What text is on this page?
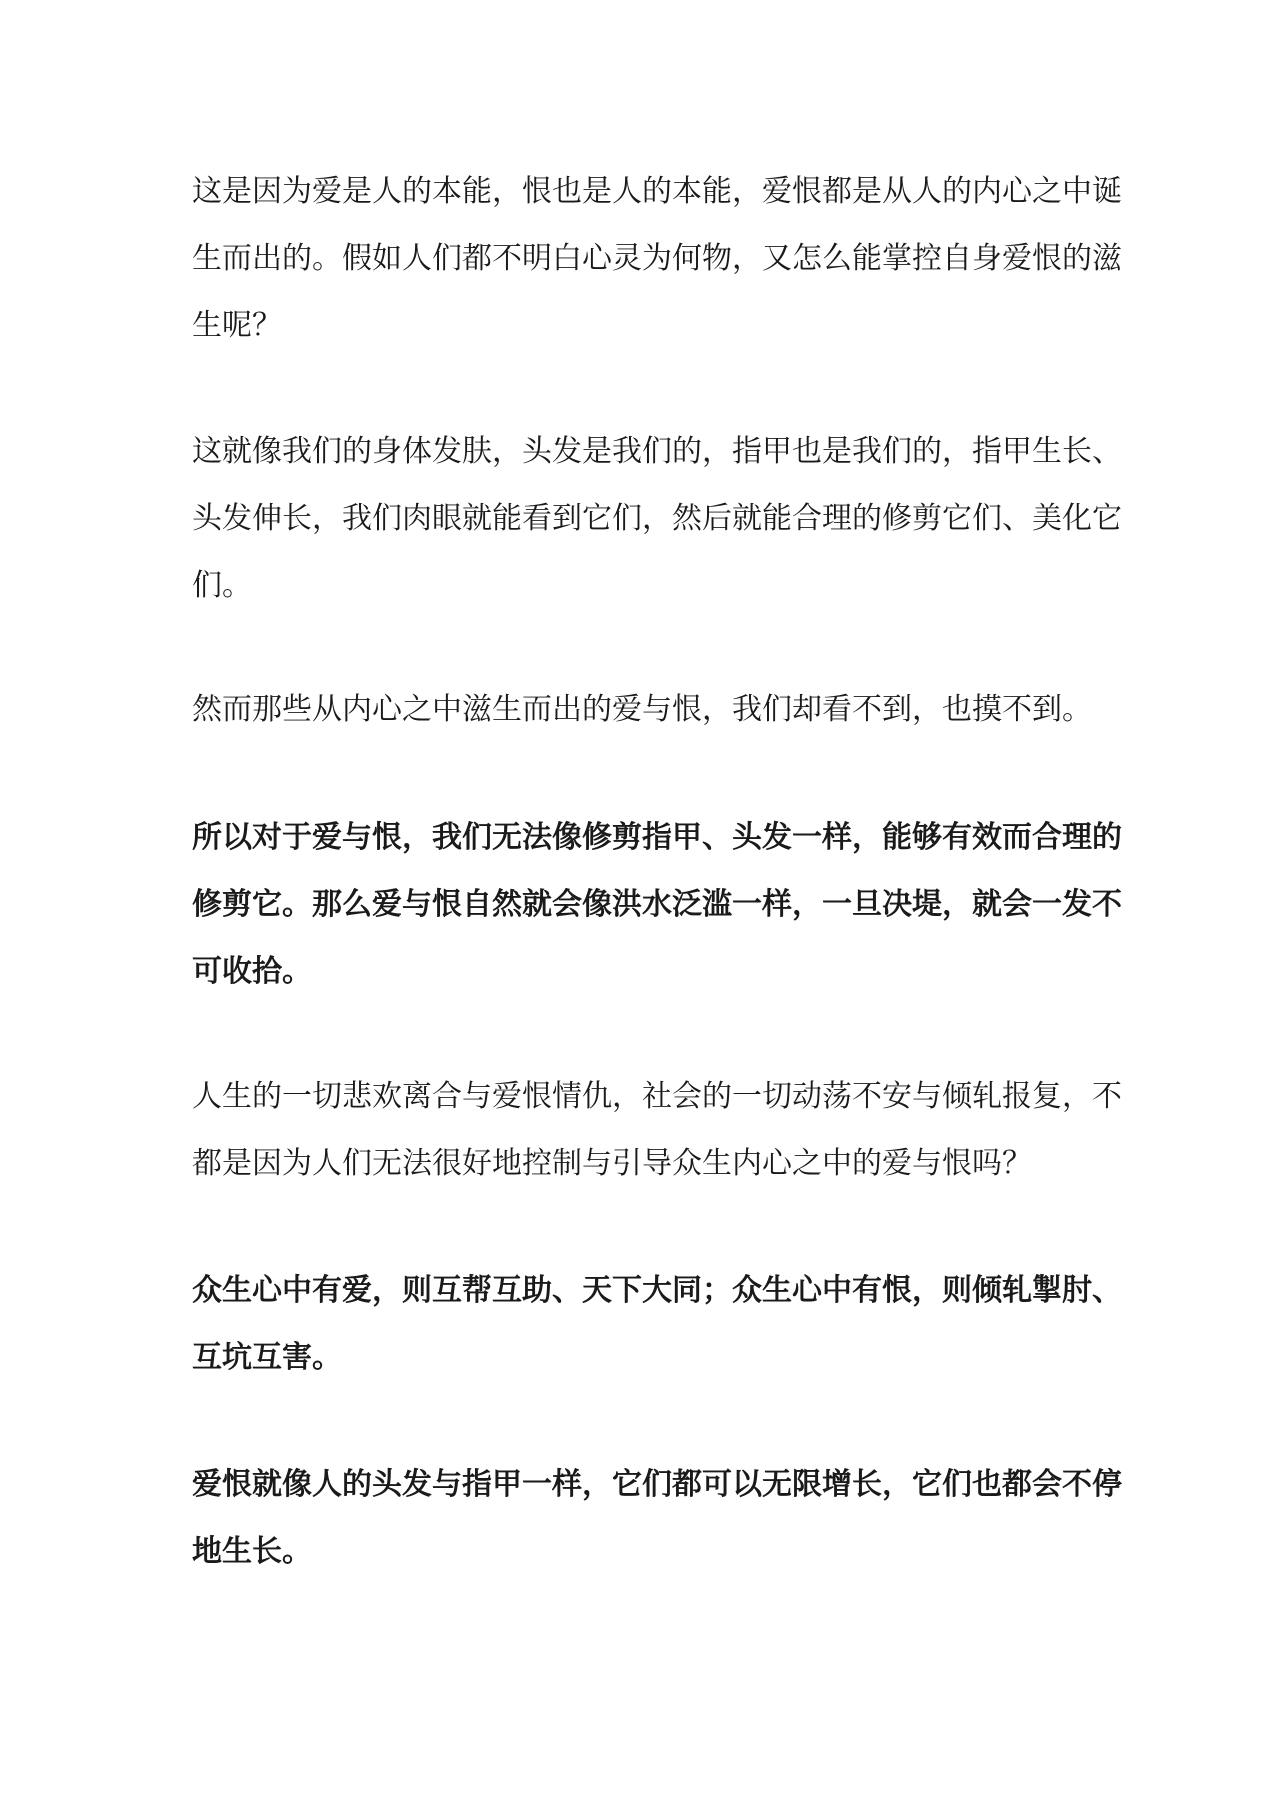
这是因为爱是人的本能，恨也是人的本能，爱恨都是从人的内心之中诞
生而出的。假如人们都不明白心灵为何物，又怎么能掌控自身爱恨的滋
生呢？

这就像我们的身体发肤，头发是我们的，指甲也是我们的，指甲生长、
头发伸长，我们肉眼就能看到它们，然后就能合理的修剪它们、美化它
们。

然而那些从内心之中滋生而出的爱与恨，我们却看不到，也摸不到。

所以对于爱与恨，我们无法像修剪指甲、头发一样，能够有效而合理的
修剪它。那么爱与恨自然就会像洪水泛滥一样，一旦决堤，就会一发不
可收拾。

人生的一切悲欢离合与爱恨情仇，社会的一切动荡不安与倾轧报复，不
都是因为人们无法很好地控制与引导众生内心之中的爱与恨吗？

众生心中有爱，则互帮互助、天下大同；众生心中有恨，则倾轧掣肘、
互坑互害。

爱恨就像人的头发与指甲一样，它们都可以无限增长，它们也都会不停
地生长。
